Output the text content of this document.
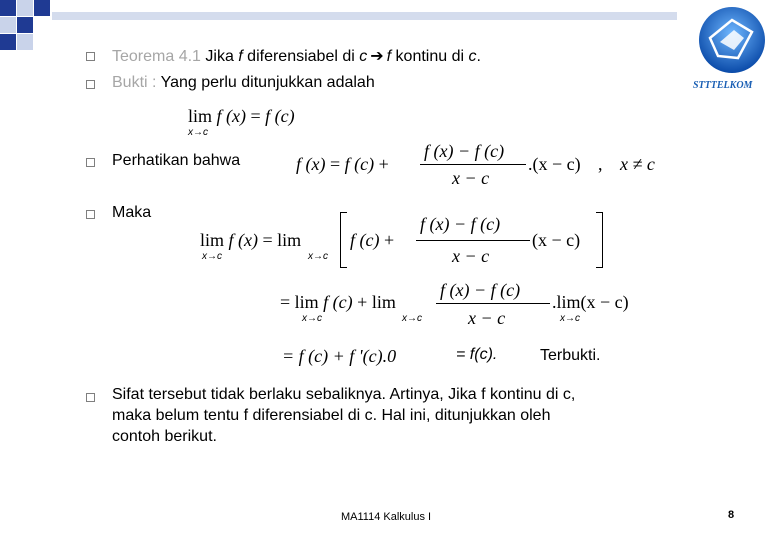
STTTELKOM
Teorema 4.1 Jika f diferensiabel di c ➔ f kontinu di c.
Bukti : Yang perlu ditunjukkan adalah
lim f (x) = f (c)
x→c
Perhatikan bahwa	f (x) = f (c) +
f (x) − f (c)
x − c
.(x − c) , x ≠ c
Maka
lim f (x) = lim
x→c	x→c
f (c) +
f (x) − f (c)
x − c
(x − c)
= lim f (c) + lim
x→c	x→c
f (x) − f (c)
x − c
.lim(x − c)
x→c
= f (c) + f '(c).0	= f(c).	Terbukti.
Sifat tersebut tidak berlaku sebaliknya. Artinya, Jika f kontinu di c,
maka belum tentu f diferensiabel di c. Hal ini, ditunjukkan oleh
contoh berikut.
MA1114 Kalkulus I	8
